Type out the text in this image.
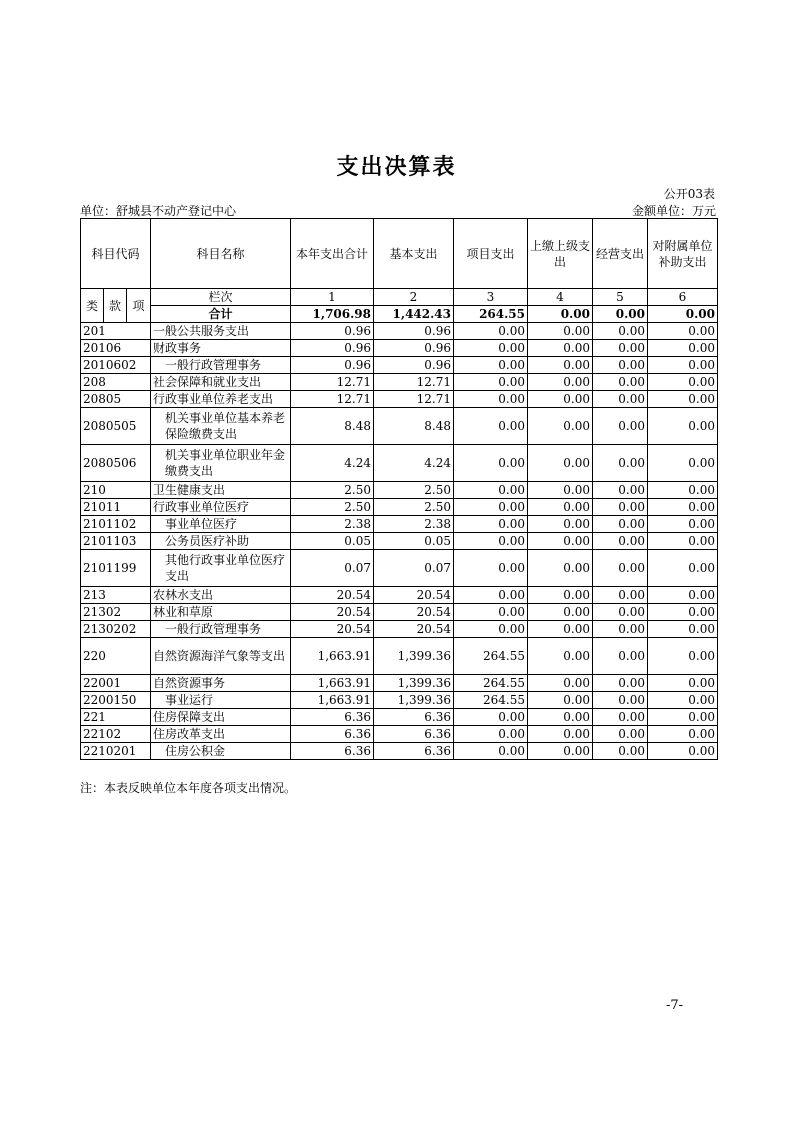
支出决算表
公开03表
单位：舒城县不动产登记中心	金额单位：万元
科目代码			科目名称	本年支出合计	基本支出	项目支出	上缴上级支出	经营支出	对附属单位补助支出
类	款	项	栏次	1	2	3	4	5	6
			合计	1,706.98	1,442.43	264.55	0.00	0.00	0.00
201			一般公共服务支出	0.96	0.96	0.00	0.00	0.00	0.00
20106			财政事务	0.96	0.96	0.00	0.00	0.00	0.00
2010602			一般行政管理事务	0.96	0.96	0.00	0.00	0.00	0.00
208			社会保障和就业支出	12.71	12.71	0.00	0.00	0.00	0.00
20805			行政事业单位养老支出	12.71	12.71	0.00	0.00	0.00	0.00
2080505			机关事业单位基本养老保险缴费支出	8.48	8.48	0.00	0.00	0.00	0.00
2080506			机关事业单位职业年金缴费支出	4.24	4.24	0.00	0.00	0.00	0.00
210			卫生健康支出	2.50	2.50	0.00	0.00	0.00	0.00
21011			行政事业单位医疗	2.50	2.50	0.00	0.00	0.00	0.00
2101102			事业单位医疗	2.38	2.38	0.00	0.00	0.00	0.00
2101103			公务员医疗补助	0.05	0.05	0.00	0.00	0.00	0.00
2101199			其他行政事业单位医疗支出	0.07	0.07	0.00	0.00	0.00	0.00
213			农林水支出	20.54	20.54	0.00	0.00	0.00	0.00
21302			林业和草原	20.54	20.54	0.00	0.00	0.00	0.00
2130202			一般行政管理事务	20.54	20.54	0.00	0.00	0.00	0.00
220			自然资源海洋气象等支出	1,663.91	1,399.36	264.55	0.00	0.00	0.00
22001			自然资源事务	1,663.91	1,399.36	264.55	0.00	0.00	0.00
2200150			事业运行	1,663.91	1,399.36	264.55	0.00	0.00	0.00
221			住房保障支出	6.36	6.36	0.00	0.00	0.00	0.00
22102			住房改革支出	6.36	6.36	0.00	0.00	0.00	0.00
2210201			住房公积金	6.36	6.36	0.00	0.00	0.00	0.00
注：本表反映单位本年度各项支出情况。
-7-
